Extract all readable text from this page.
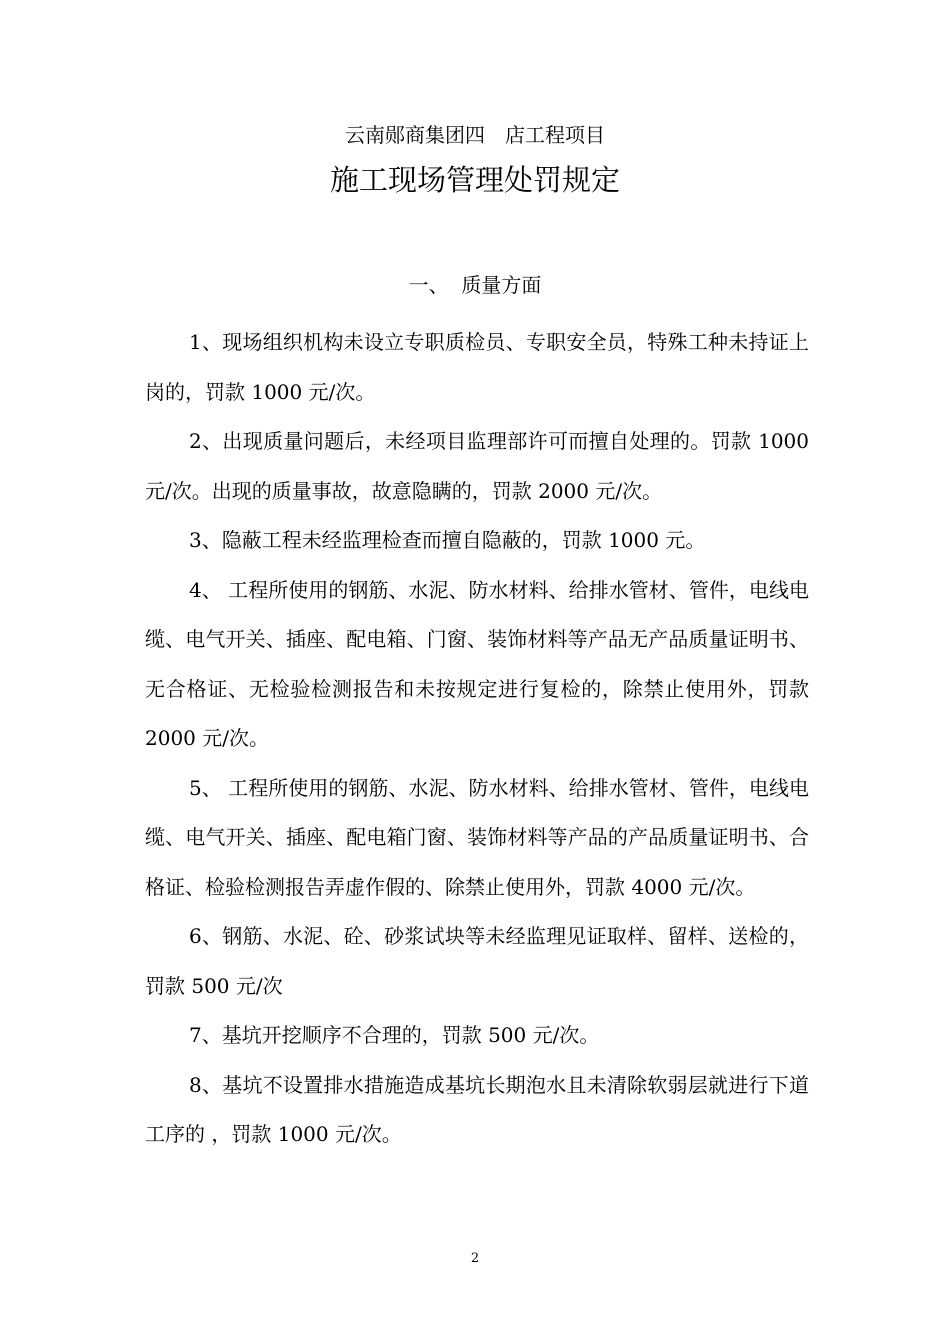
云南郧商集团四　店工程项目
施工现场管理处罚规定
一、  质量方面

1、现场组织机构未设立专职质检员、专职安全员，特殊工种未持证上岗的，罚款 1000 元/次。

2、出现质量问题后，未经项目监理部许可而擅自处理的。罚款 1000 元/次。出现的质量事故，故意隐瞒的，罚款 2000 元/次。

3、隐蔽工程未经监理检查而擅自隐蔽的，罚款 1000 元。

4、 工程所使用的钢筋、水泥、防水材料、给排水管材、管件，电线电缆、电气开关、插座、配电箱、门窗、装饰材料等产品无产品质量证明书、无合格证、无检验检测报告和未按规定进行复检的，除禁止使用外，罚款 2000 元/次。

5、 工程所使用的钢筋、水泥、防水材料、给排水管材、管件，电线电缆、电气开关、插座、配电箱门窗、装饰材料等产品的产品质量证明书、合格证、检验检测报告弄虚作假的、除禁止使用外，罚款 4000 元/次。

6、钢筋、水泥、砼、砂浆试块等未经监理见证取样、留样、送检的，罚款 500 元/次

7、基坑开挖顺序不合理的，罚款 500 元/次。

8、基坑不设置排水措施造成基坑长期泡水且未清除软弱层就进行下道工序的 ，罚款 1000 元/次。

2
